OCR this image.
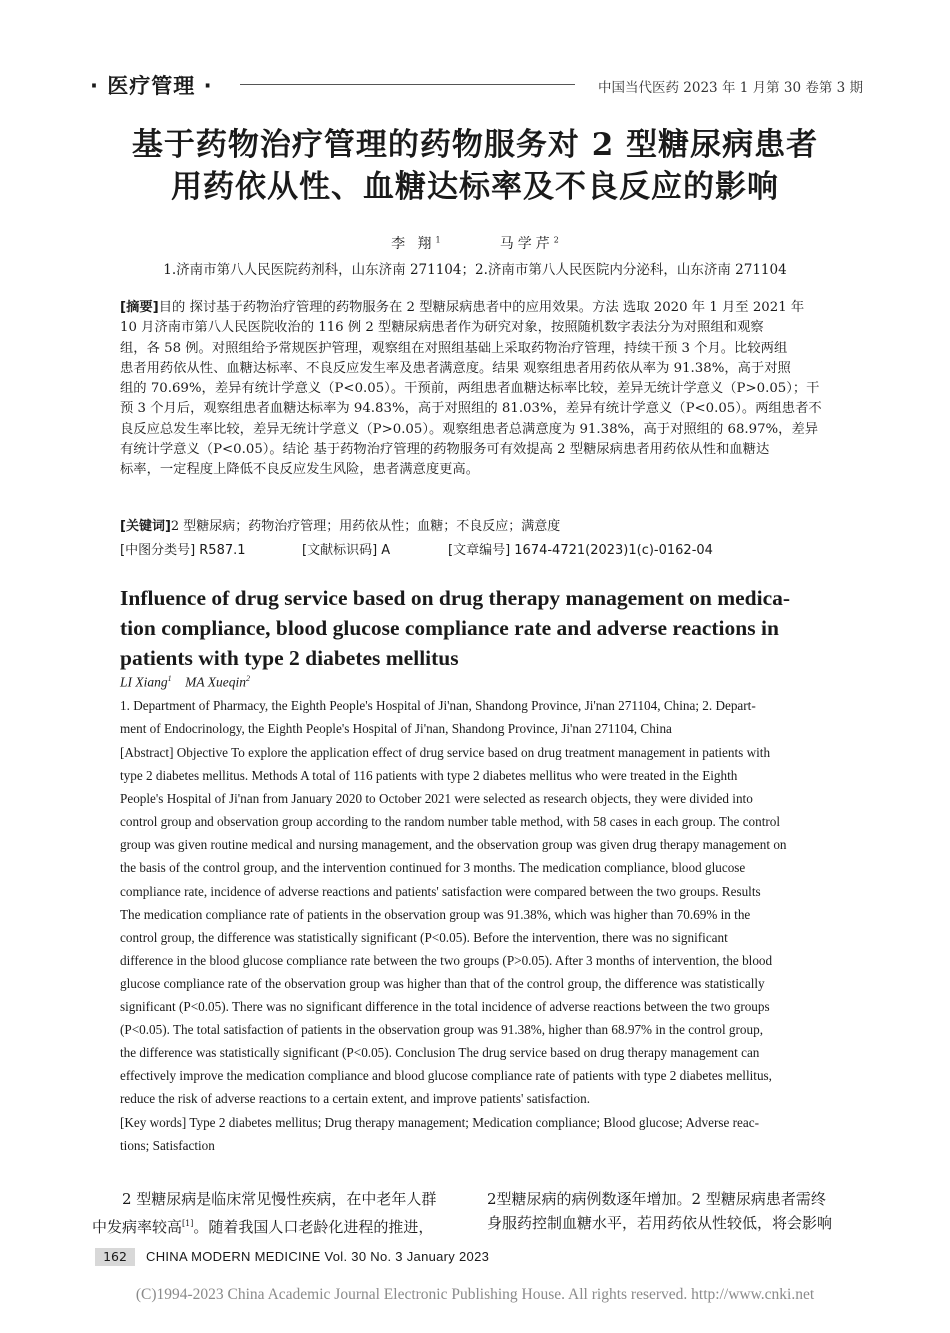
· 医疗管理 ·	中国当代医药 2023 年 1 月第 30 卷第 3 期
基于药物治疗管理的药物服务对 2 型糖尿病患者
用药依从性、血糖达标率及不良反应的影响
李 翔$^1$	马学芹$^2$
1.济南市第八人民医院药剂科，山东济南 271104；2.济南市第八人民医院内分泌科，山东济南 271104
[摘要]目的 探讨基于药物治疗管理的药物服务在 2 型糖尿病患者中的应用效果。方法 选取 2020 年 1 月至 2021 年
10 月济南市第八人民医院收治的 116 例 2 型糖尿病患者作为研究对象，按照随机数字表法分为对照组和观察
组，各 58 例。对照组给予常规医护管理，观察组在对照组基础上采取药物治疗管理，持续干预 3 个月。比较两组
患者用药依从性、血糖达标率、不良反应发生率及患者满意度。结果 观察组患者用药依从率为 91.38%，高于对照
组的 70.69%，差异有统计学意义（P<0.05）。干预前，两组患者血糖达标率比较，差异无统计学意义（P>0.05）；干
预 3 个月后，观察组患者血糖达标率为 94.83%，高于对照组的 81.03%，差异有统计学意义（P<0.05）。两组患者不
良反应总发生率比较，差异无统计学意义（P>0.05）。观察组患者总满意度为 91.38%，高于对照组的 68.97%，差异
有统计学意义（P<0.05）。结论 基于药物治疗管理的药物服务可有效提高 2 型糖尿病患者用药依从性和血糖达
标率，一定程度上降低不良反应发生风险，患者满意度更高。
[关键词]2 型糖尿病；药物治疗管理；用药依从性；血糖；不良反应；满意度
[中图分类号] R587.1	[文献标识码] A	[文章编号] 1674-4721(2023)1(c)-0162-04
Influence of drug service based on drug therapy management on medica-
tion compliance, blood glucose compliance rate and adverse reactions in
patients with type 2 diabetes mellitus
LI Xiang$^1$ MA Xueqin$^2$
1. Department of Pharmacy, the Eighth People's Hospital of Ji'nan, Shandong Province, Ji'nan 271104, China; 2. Depart-
ment of Endocrinology, the Eighth People's Hospital of Ji'nan, Shandong Province, Ji'nan 271104, China
[Abstract] Objective To explore the application effect of drug service based on drug treatment management in patients with
type 2 diabetes mellitus. Methods A total of 116 patients with type 2 diabetes mellitus who were treated in the Eighth
People's Hospital of Ji'nan from January 2020 to October 2021 were selected as research objects, they were divided into
control group and observation group according to the random number table method, with 58 cases in each group. The control
group was given routine medical and nursing management, and the observation group was given drug therapy management on
the basis of the control group, and the intervention continued for 3 months. The medication compliance, blood glucose
compliance rate, incidence of adverse reactions and patients' satisfaction were compared between the two groups. Results
The medication compliance rate of patients in the observation group was 91.38%, which was higher than 70.69% in the
control group, the difference was statistically significant (P<0.05). Before the intervention, there was no significant
difference in the blood glucose compliance rate between the two groups (P>0.05). After 3 months of intervention, the blood
glucose compliance rate of the observation group was higher than that of the control group, the difference was statistically
significant (P<0.05). There was no significant difference in the total incidence of adverse reactions between the two groups
(P<0.05). The total satisfaction of patients in the observation group was 91.38%, higher than 68.97% in the control group,
the difference was statistically significant (P<0.05). Conclusion The drug service based on drug therapy management can
effectively improve the medication compliance and blood glucose compliance rate of patients with type 2 diabetes mellitus,
reduce the risk of adverse reactions to a certain extent, and improve patients' satisfaction.
[Key words] Type 2 diabetes mellitus; Drug therapy management; Medication compliance; Blood glucose; Adverse reac-
tions; Satisfaction
2 型糖尿病是临床常见慢性疾病，在中老年人群
中发病率较高[1]。随着我国人口老龄化进程的推进，
2型糖尿病的病例数逐年增加。2 型糖尿病患者需终
身服药控制血糖水平，若用药依从性较低，将会影响
162	CHINA MODERN MEDICINE Vol. 30 No. 3 January 2023
(C)1994-2023 China Academic Journal Electronic Publishing House. All rights reserved. http://www.cnki.net
